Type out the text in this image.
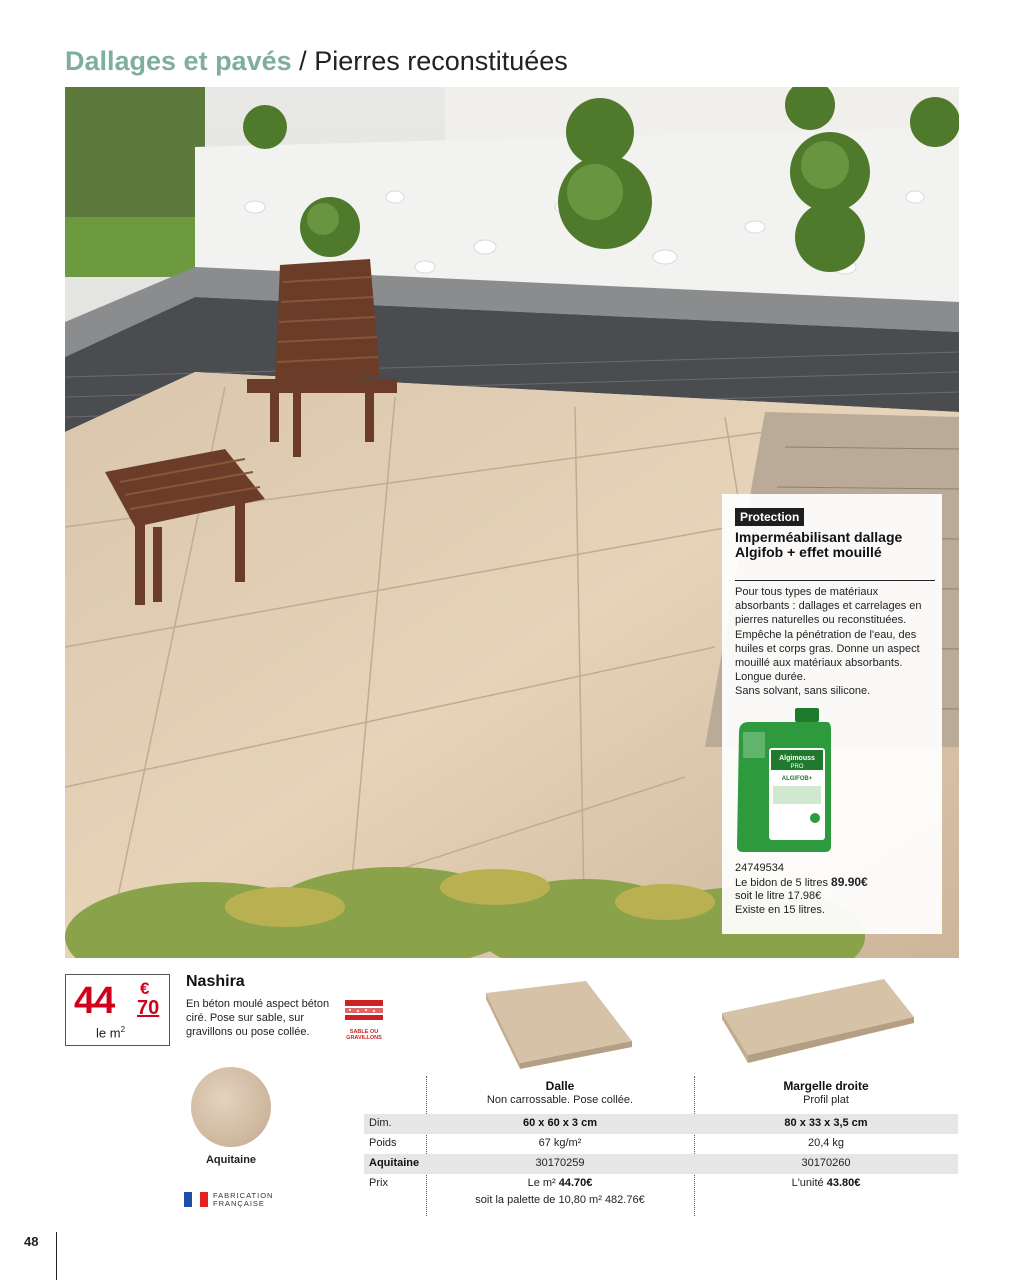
Dallages et pavés / Pierres reconstituées
Protection
Imperméabilisant dallage Algifob + effet mouillé
Pour tous types de matériaux absorbants : dallages et carrelages en pierres naturelles ou reconstituées. Empêche la pénétration de l'eau, des huiles et corps gras. Donne un aspect mouillé aux matériaux absorbants. Longue durée.
Sans solvant, sans silicone.
Algimouss
PRO
ALGIFOB+
24749534
Le bidon de 5 litres 89.90€
soit le litre 17.98€
Existe en 15 litres.
44 €
70
le $m^2$
Nashira
En béton moulé aspect béton ciré. Pose sur sable, sur gravillons ou pose collée.	SABLE OU GRAVILLONS
Aquitaine
FABRICATION
FRANÇAISE
Dalle
Non carrossable. Pose collée.
Margelle droite
Profil plat
Dim.	60 x 60 x 3 cm	80 x 33 x 3,5 cm
Poids	67 kg/m²	20,4 kg
Aquitaine	30170259	30170260
Prix	Le m² 44.70€	L'unité 43.80€
soit la palette de 10,80 m² 482.76€
48
